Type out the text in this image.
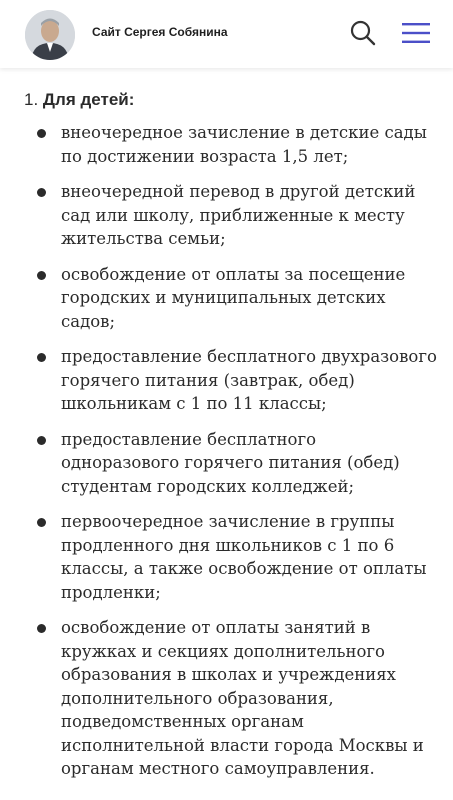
Сайт Сергея Собянина
1. Для детей:
внеочередное зачисление в детские сады по достижении возраста 1,5 лет;
внеочередной перевод в другой детский сад или школу, приближенные к месту жительства семьи;
освобождение от оплаты за посещение городских и муниципальных детских садов;
предоставление бесплатного двухразового горячего питания (завтрак, обед) школьникам с 1 по 11 классы;
предоставление бесплатного одноразового горячего питания (обед) студентам городских колледжей;
первоочередное зачисление в группы продленного дня школьников с 1 по 6 классы, а также освобождение от оплаты продленки;
освобождение от оплаты занятий в кружках и секциях дополнительного образования в школах и учреждениях дополнительного образования, подведомственных органам исполнительной власти города Москвы и органам местного самоуправления.
